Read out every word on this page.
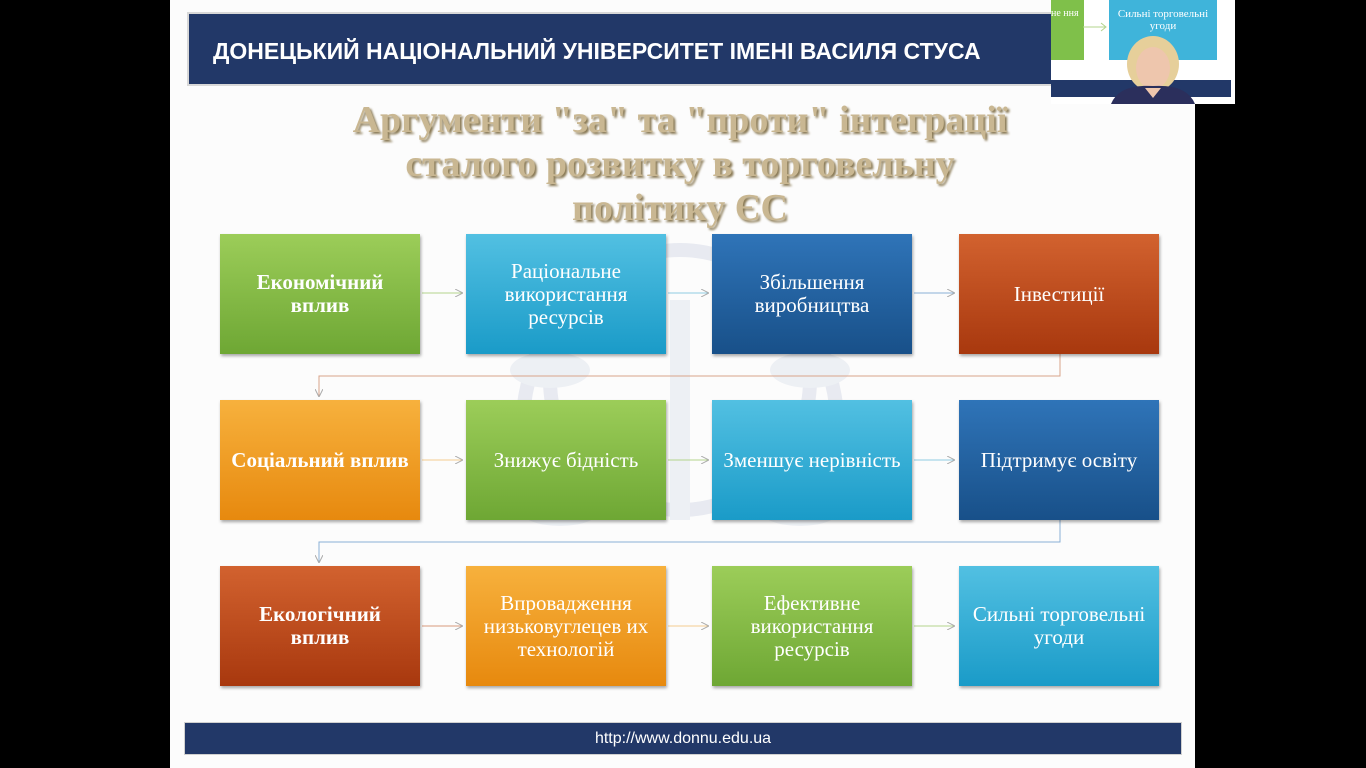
ДОНЕЦЬКИЙ НАЦІОНАЛЬНИЙ УНІВЕРСИТЕТ ІМЕНІ ВАСИЛЯ СТУСА
Аргументи "за" та "проти" інтеграції
сталого розвитку в торговельну
політику ЄС
Економічний вплив
Раціональне використання ресурсів
Збільшення виробництва	Інвестиції
Соціальний вплив	Знижує бідність	Зменшує нерівність	Підтримує освіту
Екологічний вплив
Впровадження низьковуглецев их технологій
Ефективне використання ресурсів
Сильні торговельні угоди
http://www.donnu.edu.ua
не ння	Сильні торговельні угоди
